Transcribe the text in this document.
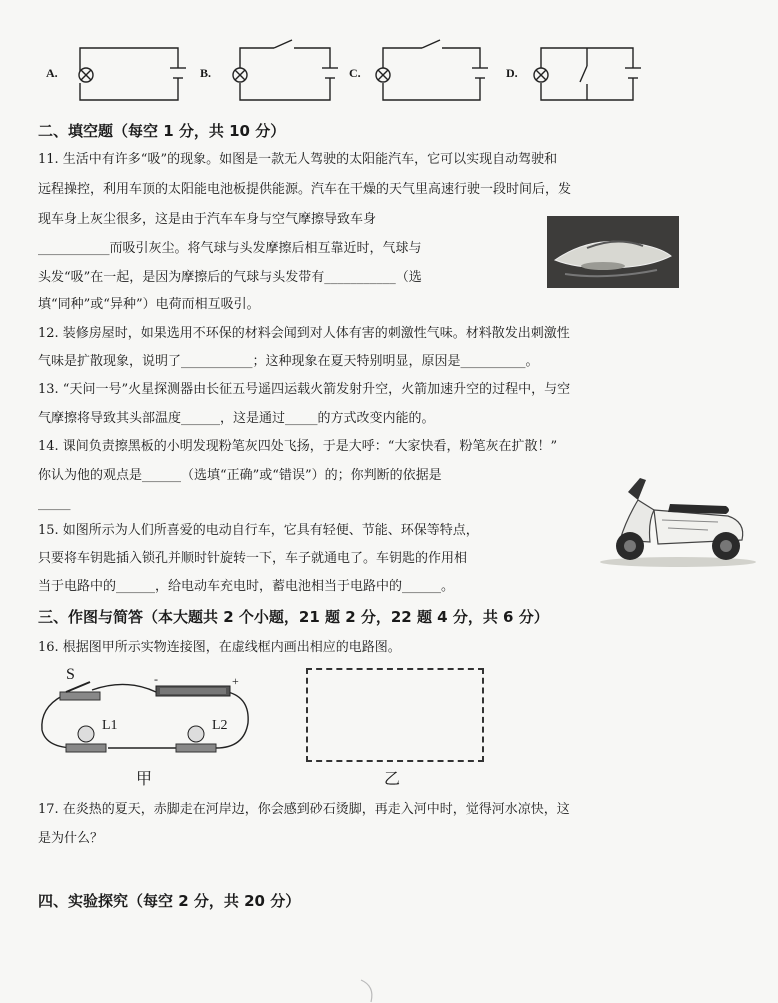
A.	B.	C.	D.
二、填空题（每空 1 分，共 10 分）
11. 生活中有许多“吸”的现象。如图是一款无人驾驶的太阳能汽车，它可以实现自动驾驶和
远程操控，利用车顶的太阳能电池板提供能源。汽车在干燥的天气里高速行驶一段时间后，发
现车身上灰尘很多，这是由于汽车车身与空气摩擦导致车身
___________而吸引灰尘。将气球与头发摩擦后相互靠近时，气球与
头发“吸”在一起，是因为摩擦后的气球与头发带有___________（选
填“同种”或“异种”）电荷而相互吸引。
12. 装修房屋时，如果选用不环保的材料会闻到对人体有害的刺激性气味。材料散发出刺激性
气味是扩散现象，说明了___________；这种现象在夏天特别明显，原因是__________。
13. “天问一号”火星探测器由长征五号遥四运载火箭发射升空，火箭加速升空的过程中，与空
气摩擦将导致其头部温度______，这是通过_____的方式改变内能的。
14. 课间负责擦黑板的小明发现粉笔灰四处飞扬，于是大呼：“大家快看，粉笔灰在扩散！”
你认为他的观点是______（选填“正确”或“错误”）的；你判断的依据是
_____
15. 如图所示为人们所喜爱的电动自行车，它具有轻便、节能、环保等特点，
只要将车钥匙插入锁孔并顺时针旋转一下，车子就通电了。车钥匙的作用相
当于电路中的______，给电动车充电时，蓄电池相当于电路中的______。
三、作图与简答（本大题共 2 个小题，21 题 2 分，22 题 4 分，共 6 分）
16. 根据图甲所示实物连接图，在虚线框内画出相应的电路图。
S	-	+
L1	L2
甲	乙
17. 在炎热的夏天，赤脚走在河岸边，你会感到砂石烫脚，再走入河中时，觉得河水凉快，这
是为什么？
四、实验探究（每空 2 分，共 20 分）
